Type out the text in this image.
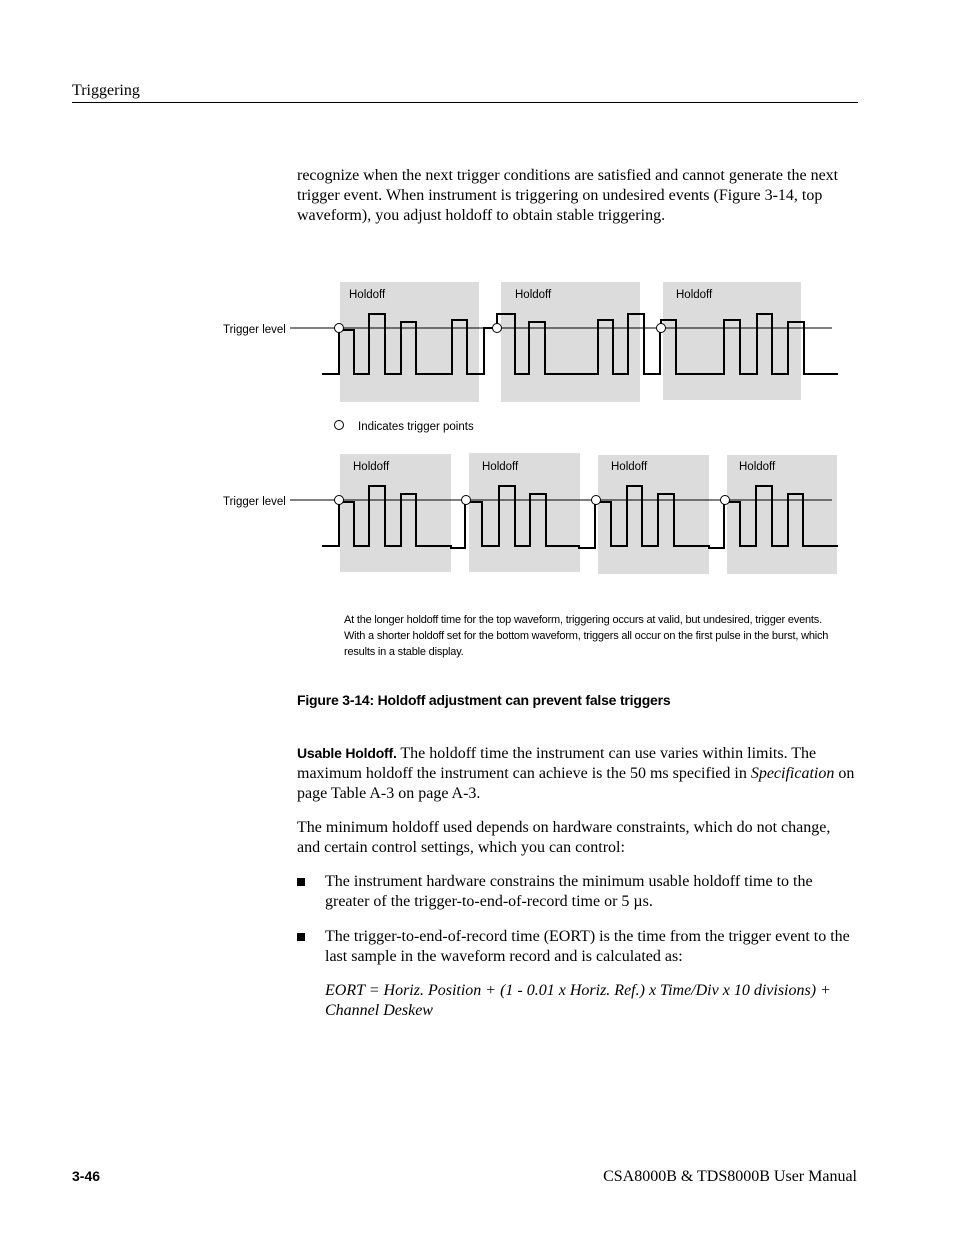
Triggering
recognize when the next trigger conditions are satisfied and cannot generate the next trigger event. When instrument is triggering on undesired events (Figure 3-14, top waveform), you adjust holdoff to obtain stable triggering.
Holdoff	Holdoff	Holdoff
Trigger level
Indicates trigger points
Holdoff	Holdoff	Holdoff	Holdoff
Trigger level
At the longer holdoff time for the top waveform, triggering occurs at valid, but undesired, trigger events. With a shorter holdoff set for the bottom waveform, triggers all occur on the first pulse in the burst, which results in a stable display.
Figure 3-14: Holdoff adjustment can prevent false triggers
Usable Holdoff. The holdoff time the instrument can use varies within limits. The maximum holdoff the instrument can achieve is the 50 ms specified in Specification on page Table A-3 on page A-3.
The minimum holdoff used depends on hardware constraints, which do not change, and certain control settings, which you can control:
The instrument hardware constrains the minimum usable holdoff time to the greater of the trigger-to-end-of-record time or 5 µs.
The trigger-to-end-of-record time (EORT) is the time from the trigger event to the last sample in the waveform record and is calculated as:
EORT = Horiz. Position + (1 - 0.01 x Horiz. Ref.) x Time/Div x 10 divisions) + Channel Deskew
3-46	CSA8000B & TDS8000B User Manual
